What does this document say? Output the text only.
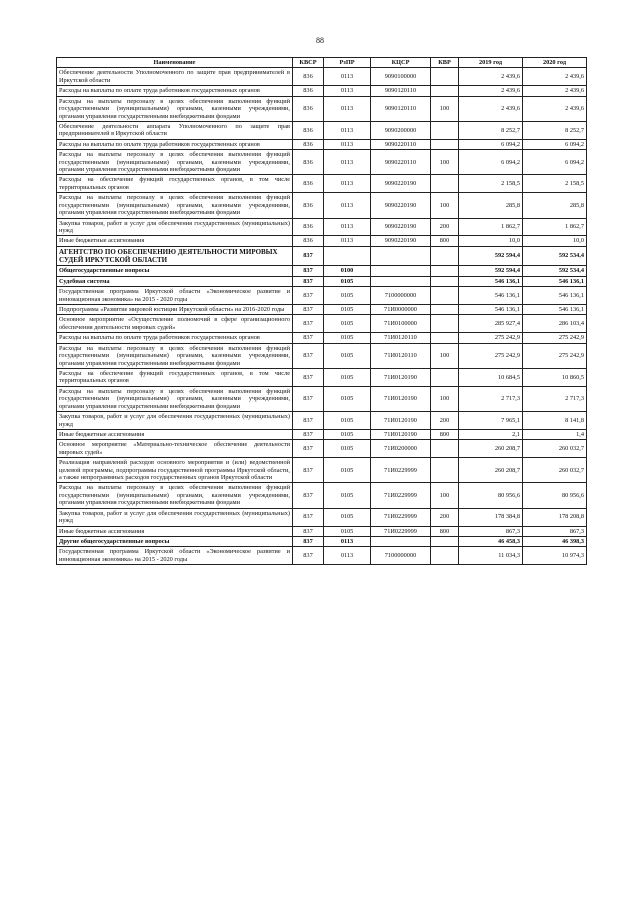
88
Наименование	КВСР	РзПР	КЦСР	КВР	2019 год	2020 год
Обеспечение деятельности Уполномоченного по защите прав предпринимателей в Иркутской области	836	0113	9090100000		2 439,6	2 439,6
Расходы на выплаты по оплате труда работников государственных органов	836	0113	9090120110		2 439,6	2 439,6
Расходы на выплаты персоналу в целях обеспечения выполнения функций государственными (муниципальными) органами, казенными учреждениями, органами управления государственными внебюджетными фондами	836	0113	9090120110	100	2 439,6	2 439,6
Обеспечение деятельности аппарата Уполномоченного по защите прав предпринимателей в Иркутской области	836	0113	9090200000		8 252,7	8 252,7
Расходы на выплаты по оплате труда работников государственных органов	836	0113	9090220110		6 094,2	6 094,2
Расходы на выплаты персоналу в целях обеспечения выполнения функций государственными (муниципальными) органами, казенными учреждениями, органами управления государственными внебюджетными фондами	836	0113	9090220110	100	6 094,2	6 094,2
Расходы на обеспечение функций государственных органов, в том числе территориальных органов	836	0113	9090220190		2 158,5	2 158,5
Расходы на выплаты персоналу в целях обеспечения выполнения функций государственными (муниципальными) органами, казенными учреждениями, органами управления государственными внебюджетными фондами	836	0113	9090220190	100	285,8	285,8
Закупка товаров, работ и услуг для обеспечения государственных (муниципальных) нужд	836	0113	9090220190	200	1 862,7	1 862,7
Иные бюджетные ассигнования	836	0113	9090220190	800	10,0	10,0
АГЕНТСТВО ПО ОБЕСПЕЧЕНИЮ ДЕЯТЕЛЬНОСТИ МИРОВЫХ СУДЕЙ ИРКУТСКОЙ ОБЛАСТИ	837				592 594,4	592 534,4
Общегосударственные вопросы	837	0100			592 594,4	592 534,4
Судебная система	837	0105			546 136,1	546 136,1
Государственная программа Иркутской области «Экономическое развитие и инновационная экономика» на 2015 - 2020 годы	837	0105	7100000000		546 136,1	546 136,1
Подпрограмма «Развитие мировой юстиции Иркутской области» на 2016-2020 годы	837	0105	71И0000000		546 136,1	546 136,1
Основное мероприятие «Осуществление полномочий в сфере организационного обеспечения деятельности мировых судей»	837	0105	71И0100000		285 927,4	286 103,4
Расходы на выплаты по оплате труда работников государственных органов	837	0105	71И0120110		275 242,9	275 242,9
Расходы на выплаты персоналу в целях обеспечения выполнения функций государственными (муниципальными) органами, казенными учреждениями, органами управления государственными внебюджетными фондами	837	0105	71И0120110	100	275 242,9	275 242,9
Расходы на обеспечение функций государственных органов, в том числе территориальных органов	837	0105	71И0120190		10 684,5	10 860,5
Расходы на выплаты персоналу в целях обеспечения выполнения функций государственными (муниципальными) органами, казенными учреждениями, органами управления государственными внебюджетными фондами	837	0105	71И0120190	100	2 717,3	2 717,3
Закупка товаров, работ и услуг для обеспечения государственных (муниципальных) нужд	837	0105	71И0120190	200	7 965,1	8 141,8
Иные бюджетные ассигнования	837	0105	71И0120190	800	2,1	1,4
Основное мероприятие «Материально-техническое обеспечение деятельности мировых судей»	837	0105	71И0200000		260 208,7	260 032,7
Реализация направлений расходов основного мероприятия и (или) ведомственной целевой программы, подпрограммы государственной программы Иркутской области, а также непрограммных расходов государственных органов Иркутской области	837	0105	71И0229999		260 208,7	260 032,7
Расходы на выплаты персоналу в целях обеспечения выполнения функций государственными (муниципальными) органами, казенными учреждениями, органами управления государственными внебюджетными фондами	837	0105	71И0229999	100	80 956,6	80 956,6
Закупка товаров, работ и услуг для обеспечения государственных (муниципальных) нужд	837	0105	71И0229999	200	178 384,8	178 208,8
Иные бюджетные ассигнования	837	0105	71И0229999	800	867,3	867,3
Другие общегосударственные вопросы	837	0113			46 458,3	46 398,3
Государственная программа Иркутской области «Экономическое развитие и инновационная экономика» на 2015 - 2020 годы	837	0113	7100000000		11 034,3	10 974,3
